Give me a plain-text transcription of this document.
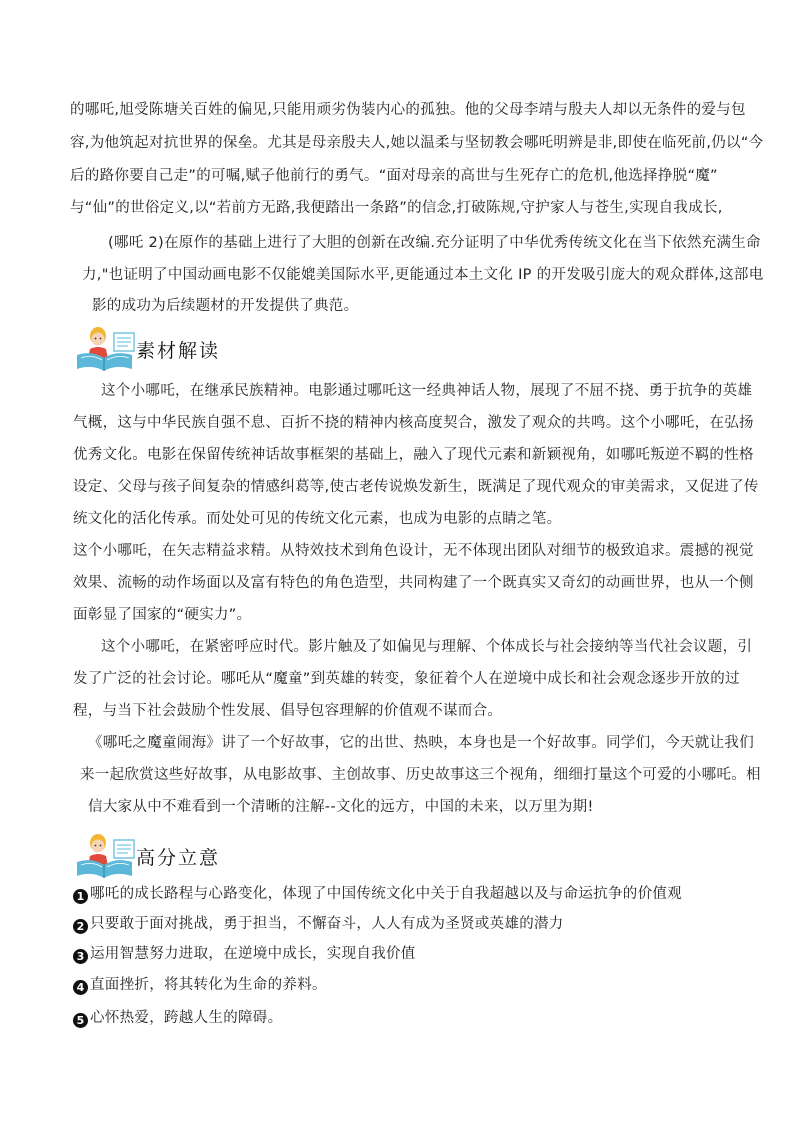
的哪吒,旭受陈塘关百姓的偏见,只能用顽劣伪装内心的孤独。他的父母李靖与殷夫人却以无条件的爱与包
容,为他筑起对抗世界的保垒。尤其是母亲殷夫人,她以温柔与坚韧教会哪吒明辨是非,即使在临死前,仍以“今
后的路你要自己走”的可嘱,赋子他前行的勇气。“面对母亲的高世与生死存亡的危机,他选择挣脱“魔”
与“仙”的世俗定义,以“若前方无路,我便踏出一条路”的信念,打破陈规,守护家人与苍生,实现自我成长,
(哪吒 2)在原作的基础上进行了大胆的创新在改编.充分证明了中华优秀传统文化在当下依然充满生命
力,"也证明了中国动画电影不仅能媲美国际水平,更能通过本土文化 IP 的开发吸引庞大的观众群体,这部电
影的成功为后续题材的开发提供了典范。
素材解读
这个小哪吒，在继承民族精神。电影通过哪吒这一经典神话人物，展现了不屈不挠、勇于抗争的英雄
气概，这与中华民族自强不息、百折不挠的精神内核高度契合，激发了观众的共鸣。这个小哪吒，在弘扬
优秀文化。电影在保留传统神话故事框架的基础上，融入了现代元素和新颖视角，如哪吒叛逆不羁的性格
设定、父母与孩子间复杂的情感纠葛等,使古老传说焕发新生，既满足了现代观众的审美需求，又促进了传
统文化的活化传承。而处处可见的传统文化元素，也成为电影的点睛之笔。
这个小哪吒，在矢志精益求精。从特效技术到角色设计，无不体现出团队对细节的极致追求。震撼的视觉
效果、流畅的动作场面以及富有特色的角色造型，共同构建了一个既真实又奇幻的动画世界，也从一个侧
面彰显了国家的“硬实力”。
这个小哪吒，在紧密呼应时代。影片触及了如偏见与理解、个体成长与社会接纳等当代社会议题，引
发了广泛的社会讨论。哪吒从“魔童”到英雄的转变，象征着个人在逆境中成长和社会观念逐步开放的过
程，与当下社会鼓励个性发展、倡导包容理解的价值观不谋而合。
《哪吒之魔童闹海》讲了一个好故事，它的出世、热映，本身也是一个好故事。同学们，今天就让我们
来一起欣赏这些好故事，从电影故事、主创故事、历史故事这三个视角，细细打量这个可爱的小哪吒。相
信大家从中不难看到一个清晰的注解--文化的远方，中国的未来，以万里为期!
高分立意
1 哪吒的成长路程与心路变化，体现了中国传统文化中关于自我超越以及与命运抗争的价值观
2 只要敢于面对挑战，勇于担当，不懈奋斗，人人有成为圣贤或英雄的潜力
3 运用智慧努力进取，在逆境中成长，实现自我价值
4 直面挫折，将其转化为生命的养料。
5 心怀热爱，跨越人生的障碍。
